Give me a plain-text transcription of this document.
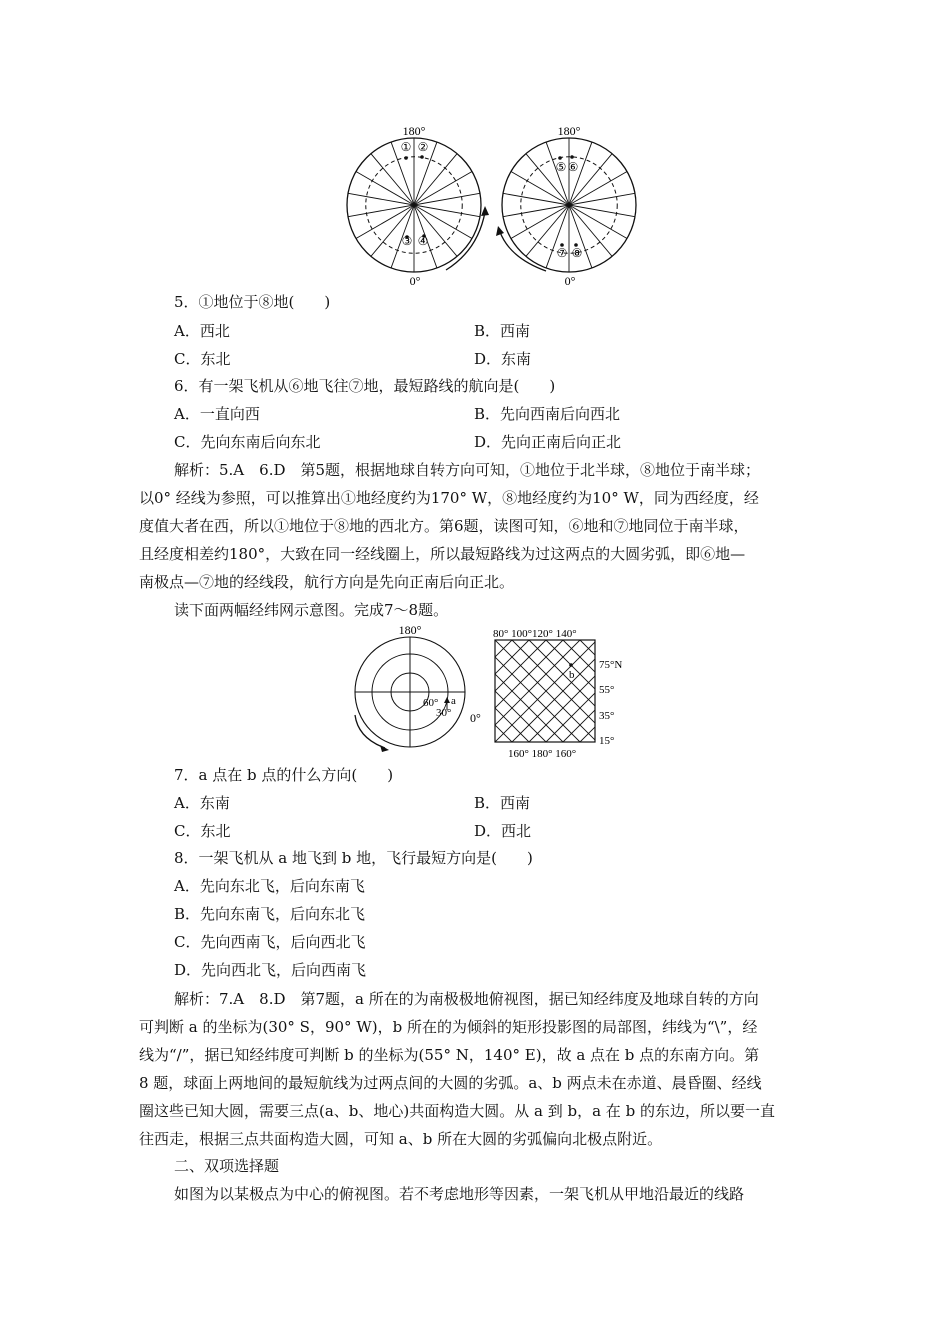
180°
0°
180°
0°
① ②
③ ④
⑤ ⑥
⑦ ⑧
5．①地位于⑧地(　　)
A．西北	B．西南
C．东北	D．东南
6．有一架飞机从⑥地飞往⑦地，最短路线的航向是(　　)
A．一直向西	B．先向西南后向西北
C．先向东南后向东北	D．先向正南后向正北
解析：5.A　6.D　第5题，根据地球自转方向可知，①地位于北半球，⑧地位于南半球；
以0° 经线为参照，可以推算出①地经度约为170° W，⑧地经度约为10° W，同为西经度，经
度值大者在西，所以①地位于⑧地的西北方。第6题，读图可知，⑥地和⑦地同位于南半球，
且经度相差约180°，大致在同一经线圈上，所以最短路线为过这两点的大圆劣弧，即⑥地—
南极点—⑦地的经线段，航行方向是先向正南后向正北。
读下面两幅经纬网示意图。完成7～8题。
180°
0°
60°
30°
a
80° 100°120° 140°
75°N
55°
35°
15°
160° 180° 160°
b
7．a 点在 b 点的什么方向(　　)
A．东南	B．西南
C．东北	D．西北
8．一架飞机从 a 地飞到 b 地，飞行最短方向是(　　)
A．先向东北飞，后向东南飞
B．先向东南飞，后向东北飞
C．先向西南飞，后向西北飞
D．先向西北飞，后向西南飞
解析：7.A　8.D　第7题，a 所在的为南极极地俯视图，据已知经纬度及地球自转的方向
可判断 a 的坐标为(30° S，90° W)，b 所在的为倾斜的矩形投影图的局部图，纬线为“\”，经
线为“/”，据已知经纬度可判断 b 的坐标为(55° N，140° E)，故 a 点在 b 点的东南方向。第
8 题，球面上两地间的最短航线为过两点间的大圆的劣弧。a、b 两点未在赤道、晨昏圈、经线
圈这些已知大圆，需要三点(a、b、地心)共面构造大圆。从 a 到 b，a 在 b 的东边，所以要一直
往西走，根据三点共面构造大圆，可知 a、b 所在大圆的劣弧偏向北极点附近。
二、双项选择题
如图为以某极点为中心的俯视图。若不考虑地形等因素，一架飞机从甲地沿最近的线路
